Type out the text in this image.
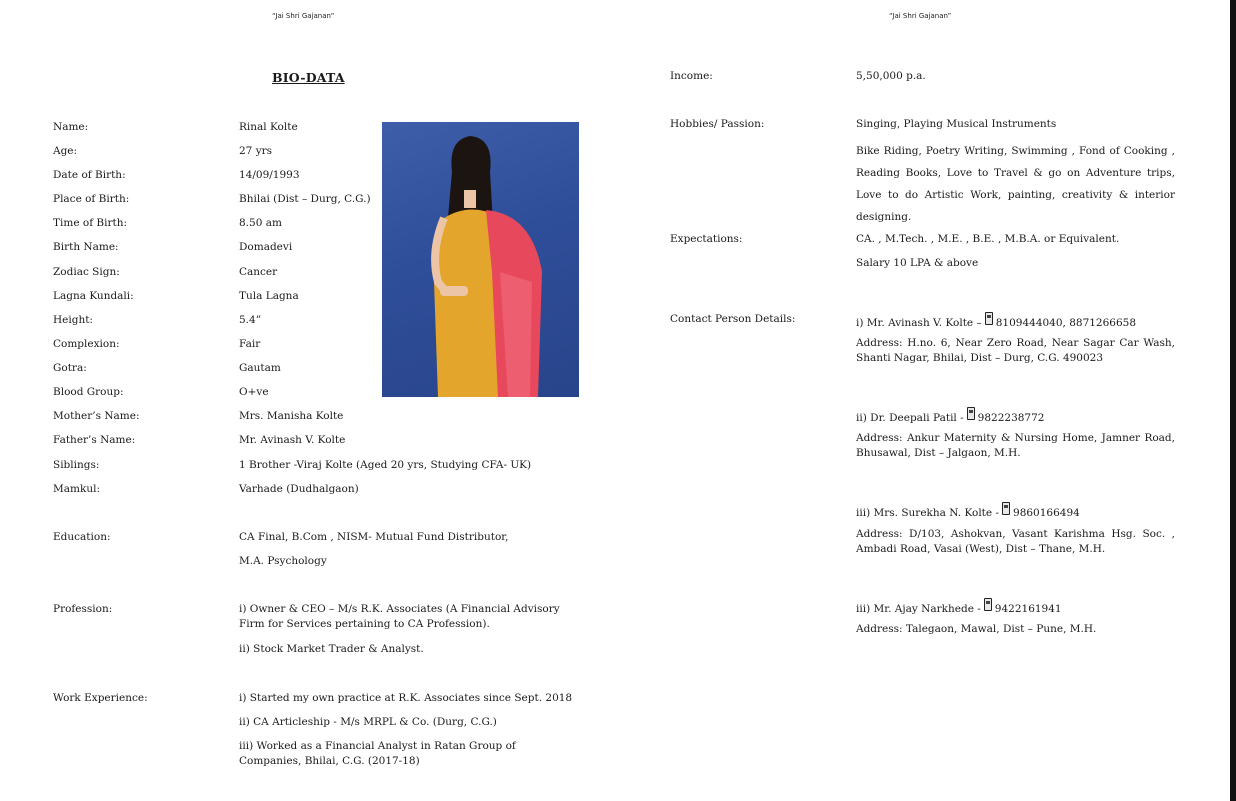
“Jai Shri Gajanan”	“Jai Shri Gajanan”
BIO-DATA
Name:	Rinal Kolte
Age:	27 yrs
Date of Birth:	14/09/1993
Place of Birth:	Bhilai (Dist – Durg, C.G.)
Time of Birth:	8.50 am
Birth Name:	Domadevi
Zodiac Sign:	Cancer
Lagna Kundali:	Tula Lagna
Height:	5.4”
Complexion:	Fair
Gotra:	Gautam
Blood Group:	O+ve
Mother’s Name:	Mrs. Manisha Kolte
Father’s Name:	Mr. Avinash V. Kolte
Siblings:	1 Brother -Viraj Kolte (Aged 20 yrs, Studying CFA- UK)
Mamkul:	Varhade (Dudhalgaon)
Education:	CA Final, B.Com , NISM- Mutual Fund Distributor,
M.A. Psychology
Profession:	i) Owner & CEO – M/s R.K. Associates (A Financial Advisory Firm for Services pertaining to CA Profession).
ii) Stock Market Trader & Analyst.
Work Experience:	i) Started my own practice at R.K. Associates since Sept. 2018
ii) CA Articleship - M/s MRPL & Co. (Durg, C.G.)
iii) Worked as a Financial Analyst in Ratan Group of Companies, Bhilai, C.G. (2017-18)
Income:	5,50,000 p.a.
Hobbies/ Passion:	Singing, Playing Musical Instruments
Bike Riding, Poetry Writing, Swimming , Fond of Cooking , Reading Books, Love to Travel & go on Adventure trips, Love to do Artistic Work, painting, creativity & interior designing.
Expectations:	CA. , M.Tech. , M.E. , B.E. , M.B.A. or Equivalent.
Salary 10 LPA & above
Contact Person Details:	i) Mr. Avinash V. Kolte – 8109444040, 8871266658
Address: H.no. 6, Near Zero Road, Near Sagar Car Wash, Shanti Nagar, Bhilai, Dist – Durg, C.G. 490023
ii) Dr. Deepali Patil - 9822238772
Address: Ankur Maternity & Nursing Home, Jamner Road, Bhusawal, Dist – Jalgaon, M.H.
iii) Mrs. Surekha N. Kolte - 9860166494
Address: D/103, Ashokvan, Vasant Karishma Hsg. Soc. , Ambadi Road, Vasai (West), Dist – Thane, M.H.
iii) Mr. Ajay Narkhede - 9422161941
Address: Talegaon, Mawal, Dist – Pune, M.H.
